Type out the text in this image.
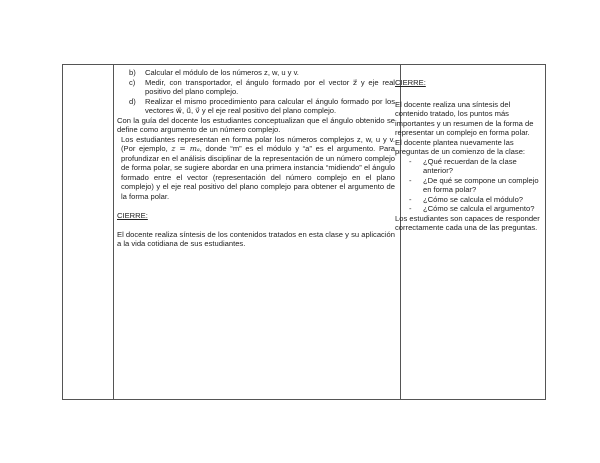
b) Calcular el módulo de los números z, w, u y v.
c) Medir, con transportador, el ángulo formado por el vector z⃗ y eje real positivo del plano complejo.
d) Realizar el mismo procedimiento para calcular el ángulo formado por los vectores w⃗, u⃗, v⃗ y el eje real positivo del plano complejo.

Con la guía del docente los estudiantes conceptualizan que el ángulo obtenido se define como argumento de un número complejo.

Los estudiantes representan en forma polar los números complejos z, w, u y v. (Por ejemplo, z = mₐ, donde “m” es el módulo y “a” es el argumento. Para profundizar en el análisis disciplinar de la representación de un número complejo de forma polar, se sugiere abordar en una primera instancia “midiendo” el ángulo formado entre el vector (representación del número complejo en el plano complejo) y el eje real positivo del plano complejo para obtener el argumento de la forma polar.

CIERRE:

El docente realiza síntesis de los contenidos tratados en esta clase y su aplicación a la vida cotidiana de sus estudiantes.

CIERRE:

El docente realiza una síntesis del contenido tratado, los puntos más importantes y un resumen de la forma de representar un complejo en forma polar.

El docente plantea nuevamente las preguntas de un comienzo de la clase:

- ¿Qué recuerdan de la clase anterior?
- ¿De qué se compone un complejo en forma polar?
- ¿Cómo se calcula el módulo?
- ¿Cómo se calcula el argumento?

Los estudiantes son capaces de responder correctamente cada una de las preguntas.
